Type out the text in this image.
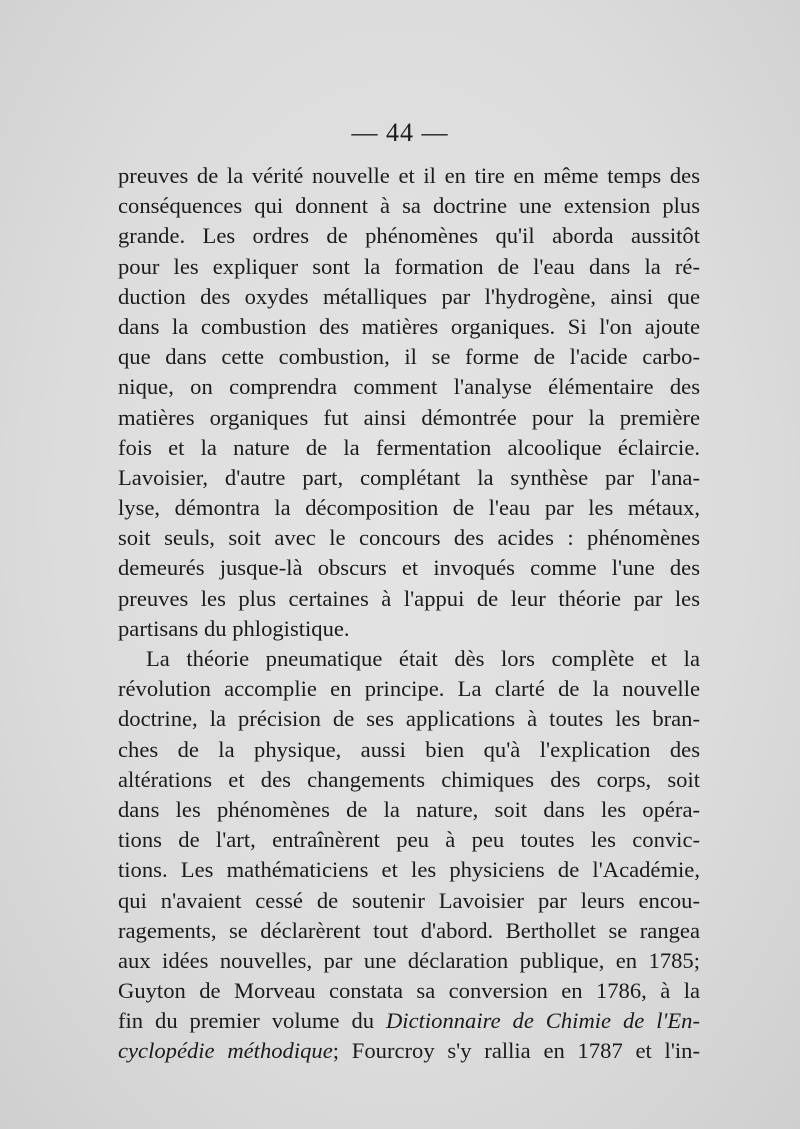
— 44 —
preuves de la vérité nouvelle et il en tire en même temps des
conséquences qui donnent à sa doctrine une extension plus
grande. Les ordres de phénomènes qu'il aborda aussitôt
pour les expliquer sont la formation de l'eau dans la ré-
duction des oxydes métalliques par l'hydrogène, ainsi que
dans la combustion des matières organiques. Si l'on ajoute
que dans cette combustion, il se forme de l'acide carbo-
nique, on comprendra comment l'analyse élémentaire des
matières organiques fut ainsi démontrée pour la première
fois et la nature de la fermentation alcoolique éclaircie.
Lavoisier, d'autre part, complétant la synthèse par l'ana-
lyse, démontra la décomposition de l'eau par les métaux,
soit seuls, soit avec le concours des acides : phénomènes
demeurés jusque-là obscurs et invoqués comme l'une des
preuves les plus certaines à l'appui de leur théorie par les
partisans du phlogistique.
La théorie pneumatique était dès lors complète et la
révolution accomplie en principe. La clarté de la nouvelle
doctrine, la précision de ses applications à toutes les bran-
ches de la physique, aussi bien qu'à l'explication des
altérations et des changements chimiques des corps, soit
dans les phénomènes de la nature, soit dans les opéra-
tions de l'art, entraînèrent peu à peu toutes les convic-
tions. Les mathématiciens et les physiciens de l'Académie,
qui n'avaient cessé de soutenir Lavoisier par leurs encou-
ragements, se déclarèrent tout d'abord. Berthollet se rangea
aux idées nouvelles, par une déclaration publique, en 1785;
Guyton de Morveau constata sa conversion en 1786, à la
fin du premier volume du Dictionnaire de Chimie de l'En-
cyclopédie méthodique; Fourcroy s'y rallia en 1787 et l'in-
